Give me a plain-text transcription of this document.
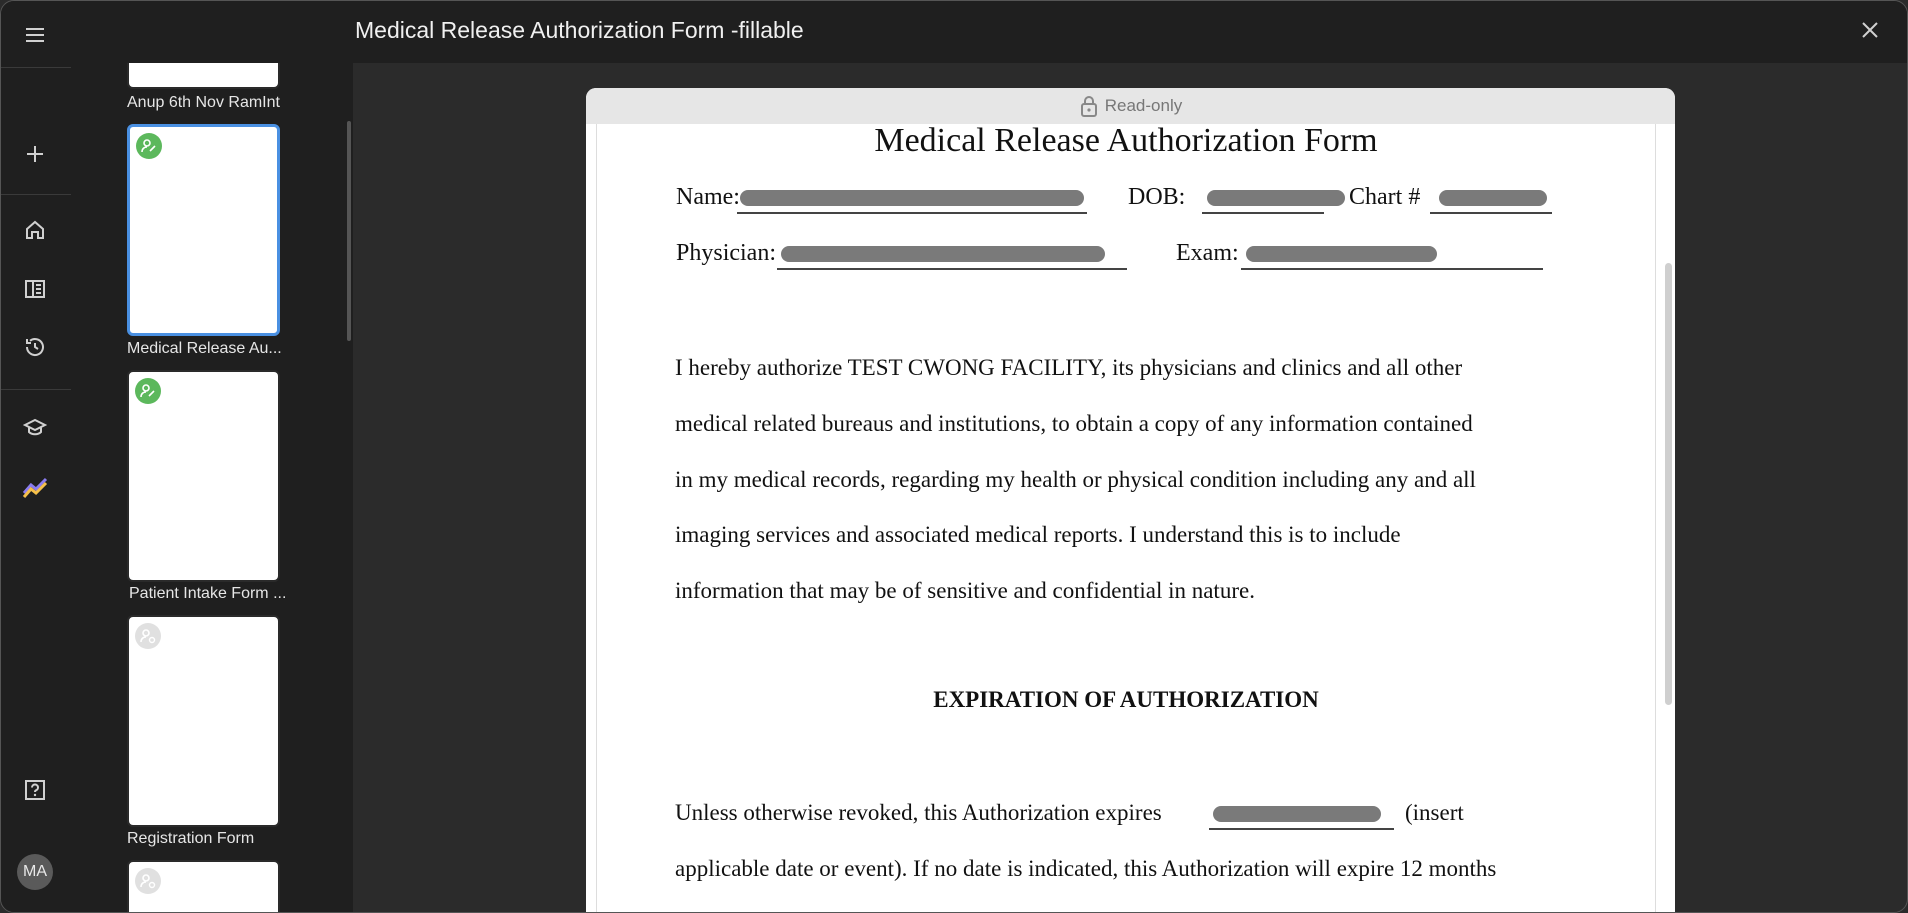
MA
Medical Release Authorization Form -fillable
Anup 6th Nov RamInt
Medical Release Au...
Patient Intake Form ...
Registration Form
Read-only
Medical Release Authorization Form
Name:	DOB:	Chart #
Physician:	Exam:
I hereby authorize TEST CWONG FACILITY, its physicians and clinics and all other
medical related bureaus and institutions, to obtain a copy of any information contained
in my medical records, regarding my health or physical condition including any and all
imaging services and associated medical reports. I understand this is to include
information that may be of sensitive and confidential in nature.
EXPIRATION OF AUTHORIZATION
Unless otherwise revoked, this Authorization expires	(insert
applicable date or event). If no date is indicated, this Authorization will expire 12 months
